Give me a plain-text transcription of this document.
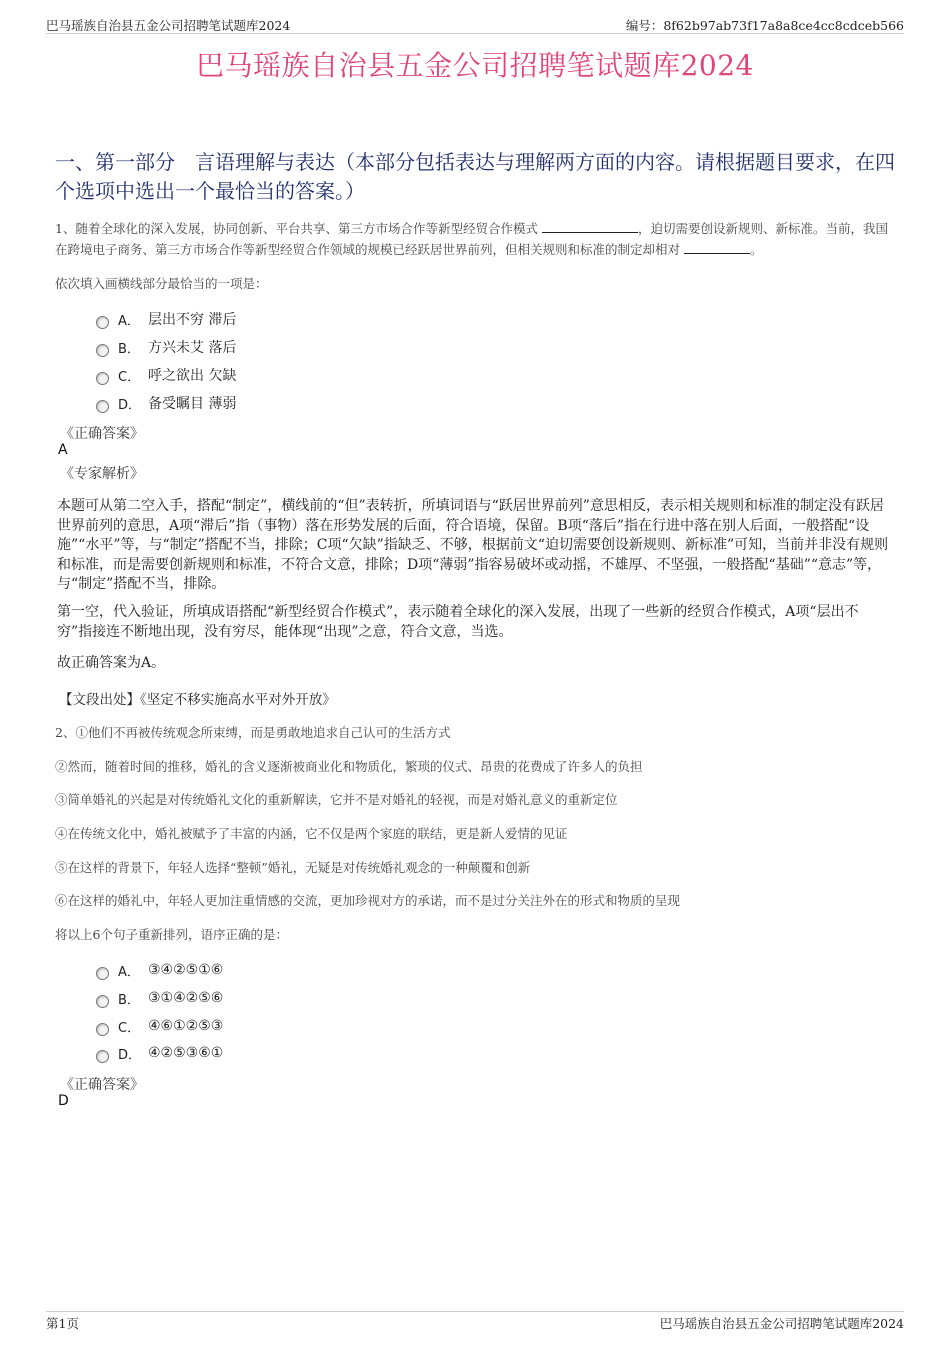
巴马瑶族自治县五金公司招聘笔试题库2024	编号：8f62b97ab73f17a8a8ce4cc8cdceb566
巴马瑶族自治县五金公司招聘笔试题库2024
一、第一部分　言语理解与表达（本部分包括表达与理解两方面的内容。请根据题目要求，在四个选项中选出一个最恰当的答案。）
1、随着全球化的深入发展，协同创新、平台共享、第三方市场合作等新型经贸合作模式	，迫切需要创设新规则、新标准。当前，我国在跨境电子商务、第三方市场合作等新型经贸合作领域的规模已经跃居世界前列，但相关规则和标准的制定却相对	。
依次填入画横线部分最恰当的一项是：
A． 层出不穷 滞后
B． 方兴未艾 落后
C． 呼之欲出 欠缺
D． 备受瞩目 薄弱
《正确答案》
A
《专家解析》
本题可从第二空入手，搭配“制定”，横线前的“但”表转折，所填词语与“跃居世界前列”意思相反，表示相关规则和标准的制定没有跃居世界前列的意思，A项“滞后”指（事物）落在形势发展的后面，符合语境，保留。B项“落后”指在行进中落在别人后面，一般搭配“设施”“水平”等，与“制定”搭配不当，排除；C项“欠缺”指缺乏、不够，根据前文“迫切需要创设新规则、新标准”可知，当前并非没有规则和标准，而是需要创新规则和标准，不符合文意，排除；D项“薄弱”指容易破坏或动摇，不雄厚、不坚强，一般搭配“基础”“意志”等，与“制定”搭配不当，排除。
第一空，代入验证，所填成语搭配“新型经贸合作模式”，表示随着全球化的深入发展，出现了一些新的经贸合作模式，A项“层出不穷”指接连不断地出现，没有穷尽，能体现“出现”之意，符合文意，当选。
故正确答案为A。
【文段出处】《坚定不移实施高水平对外开放》
2、①他们不再被传统观念所束缚，而是勇敢地追求自己认可的生活方式
②然而，随着时间的推移，婚礼的含义逐渐被商业化和物质化，繁琐的仪式、昂贵的花费成了许多人的负担
③简单婚礼的兴起是对传统婚礼文化的重新解读，它并不是对婚礼的轻视，而是对婚礼意义的重新定位
④在传统文化中，婚礼被赋予了丰富的内涵，它不仅是两个家庭的联结，更是新人爱情的见证
⑤在这样的背景下，年轻人选择“整顿”婚礼，无疑是对传统婚礼观念的一种颠覆和创新
⑥在这样的婚礼中，年轻人更加注重情感的交流，更加珍视对方的承诺，而不是过分关注外在的形式和物质的呈现
将以上6个句子重新排列，语序正确的是：
A． ③④②⑤①⑥
B． ③①④②⑤⑥
C． ④⑥①②⑤③
D． ④②⑤③⑥①
《正确答案》
D
第1页	巴马瑶族自治县五金公司招聘笔试题库2024
